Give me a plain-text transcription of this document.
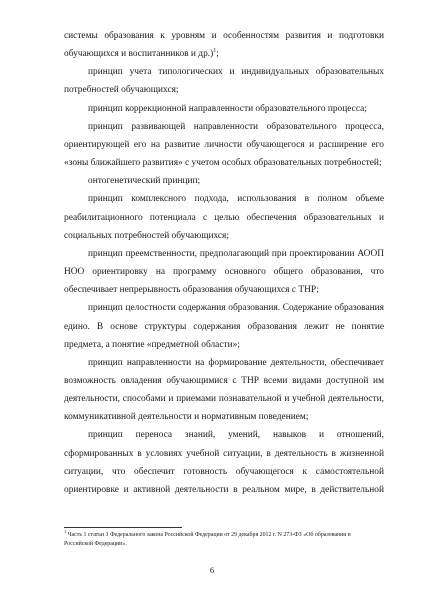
системы образования к уровням и особенностям развития и подготовки обучающихся и воспитанников и др.)$^1$;

принцип учета типологических и индивидуальных образовательных потребностей обучающихся;

принцип коррекционной направленности образовательного процесса;

принцип развивающей направленности образовательного процесса, ориентирующей его на развитие личности обучающегося и расширение его «зоны ближайшего развития» с учетом особых образовательных потребностей;

онтогенетический принцип;

принцип комплексного подхода, использования в полном объеме реабилитационного потенциала с целью обеспечения образовательных и социальных потребностей обучающихся;

принцип преемственности, предполагающий при проектировании АООП НОО ориентировку на программу основного общего образования, что обеспечивает непрерывность образования обучающихся с ТНР;

принцип целостности содержания образования. Содержание образования едино. В основе структуры содержания образования лежит не понятие предмета, а понятие «предметной области»;

принцип направленности на формирование деятельности, обеспечивает возможность овладения обучающимися с ТНР всеми видами доступной им деятельности, способами и приемами познавательной и учебной деятельности, коммуникативной деятельности и нормативным поведением;

принцип переноса знаний, умений, навыков и отношений, сформированных в условиях учебной ситуации, в деятельность в жизненной ситуации, что обеспечит готовность обучающегося к самостоятельной ориентировке и активной деятельности в реальном мире, в действительной

$^1$ Часть 1 статьи 3 Федерального закона Российской Федерации от 29 декабря 2012 г. N 273-ФЗ «Об образовании в Российской Федерации».
6
